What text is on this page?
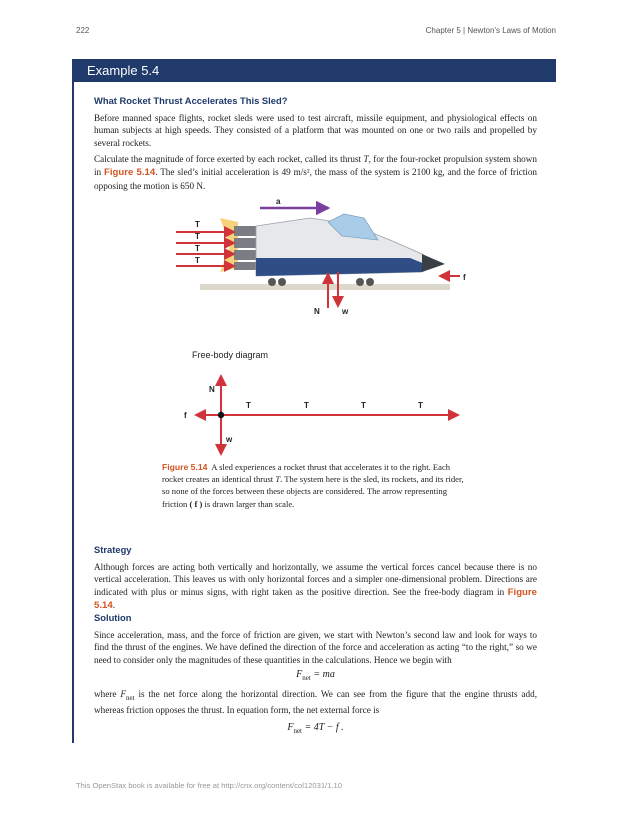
222	Chapter 5 | Newton's Laws of Motion
Example 5.4
What Rocket Thrust Accelerates This Sled?
Before manned space flights, rocket sleds were used to test aircraft, missile equipment, and physiological effects on human subjects at high speeds. They consisted of a platform that was mounted on one or two rails and propelled by several rockets.
Calculate the magnitude of force exerted by each rocket, called its thrust T, for the four-rocket propulsion system shown in Figure 5.14. The sled’s initial acceleration is 49 m/s², the mass of the system is 2100 kg, and the force of friction opposing the motion is 650 N.
a
T
T
T
T
f
N	w
Free-body diagram
N
w
f
T	T	T	T
Figure 5.14 A sled experiences a rocket thrust that accelerates it to the right. Each rocket creates an identical thrust T. The system here is the sled, its rockets, and its rider, so none of the forces between these objects are considered. The arrow representing friction ( f ) is drawn larger than scale.
Strategy
Although forces are acting both vertically and horizontally, we assume the vertical forces cancel because there is no vertical acceleration. This leaves us with only horizontal forces and a simpler one-dimensional problem. Directions are indicated with plus or minus signs, with right taken as the positive direction. See the free-body diagram in Figure 5.14.
Solution
Since acceleration, mass, and the force of friction are given, we start with Newton’s second law and look for ways to find the thrust of the engines. We have defined the direction of the force and acceleration as acting “to the right,” so we need to consider only the magnitudes of these quantities in the calculations. Hence we begin with
$F_{net}$ = ma
where $F_{net}$ is the net force along the horizontal direction. We can see from the figure that the engine thrusts add, whereas friction opposes the thrust. In equation form, the net external force is
$F_{net} = 4T - f$ .
This OpenStax book is available for free at http://cnx.org/content/col12031/1.10
